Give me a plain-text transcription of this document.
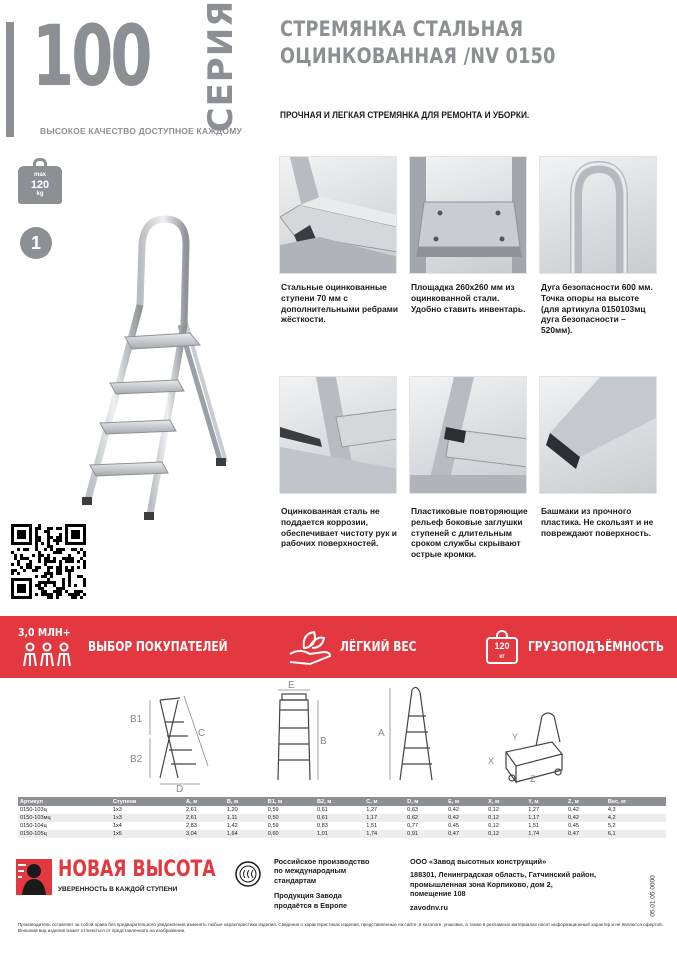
100 СЕРИЯ
ВЫСОКОЕ КАЧЕСТВО ДОСТУПНОЕ КАЖДОМУ
СТРЕМЯНКА СТАЛЬНАЯ
ОЦИНКОВАННАЯ /NV 0150
ПРОЧНАЯ И ЛЕГКАЯ СТРЕМЯНКА ДЛЯ РЕМОНТА И УБОРКИ.
max
120
kg
1
Стальные оцинкованные ступени 70 мм с дополнительными ребрами жёсткости.
Площадка 260х260 мм из оцинкованной стали. Удобно ставить инвентарь.
Дуга безопасности 600 мм. Точка опоры на высоте (для артикула 0150103мц дуга безопасности – 520мм).
Оцинкованная сталь не поддается коррозии, обеспечивает чистоту рук и рабочих поверхностей.
Пластиковые повторяющие рельеф боковые заглушки ступеней с длительным сроком службы скрывают острые кромки.
Башмаки из прочного пластика. Не скользят и не повреждают поверхность.
3,0 МЛН+
ВЫБОР ПОКУПАТЕЛЕЙ	ЛЁГКИЙ ВЕС	120
кг
ГРУЗОПОДЪЁМНОСТЬ
B1
B2
C
D
E
B
A	Y
X
Z
Артикул	Ступени	A, м	B, м	B1, м	B2, м	C, м	D, м	E, м	X, м	Y, м	Z, м	Вес, кг
0150-103ц	1х3	2,61	1,20	0,59	0,61	1,27	0,63	0,42	0,12	1,27	0,42	4,3
0150-103мц	1х3	2,61	1,11	0,50	0,61	1,17	0,62	0,42	0,12	1,17	0,42	4,2
0150-104ц	1х4	2,83	1,42	0,59	0,83	1,51	0,77	0,45	0,12	1,51	0,45	5,2
0150-105ц	1х5	3,04	1,64	0,60	1,01	1,74	0,91	0,47	0,12	1,74	0,47	6,1
НОВАЯ ВЫСОТА
УВЕРЕННОСТЬ В КАЖДОЙ СТУПЕНИ
Российское производство
по международным
стандартам
Продукция Завода
продаётся в Европе
ООО «Завод высотных конструкций»
188301, Ленинградская область, Гатчинский район,
промышленная зона Корпиково, дом 2,
помещение 108
zavodnv.ru	05.01.05.0000
Производитель оставляет за собой право без предварительного уведомления изменять любые характеристики изделия. Сведения о характеристиках изделия, представленные на сайте, в каталоге, упаковке, а также в рекламных материалах носят информационный характер и не являются офертой. Внешний вид изделия может отличаться от представленного на изображении.
